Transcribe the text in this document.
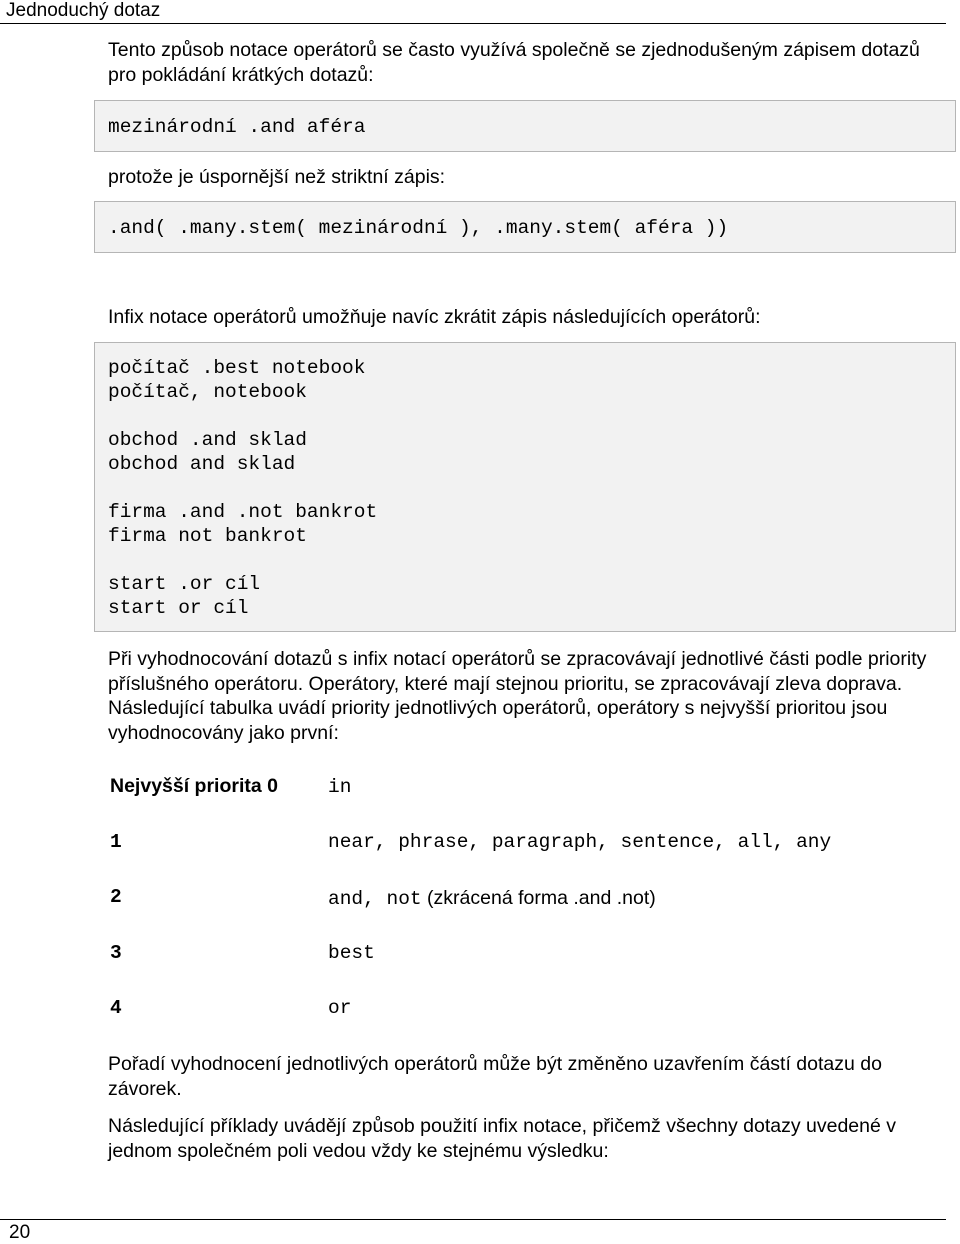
Jednoduchý dotaz
Tento způsob notace operátorů se často využívá společně se zjednodušeným zápisem dotazů pro pokládání krátkých dotazů:
mezinárodní .and aféra
protože je úspornější než striktní zápis:
.and( .many.stem( mezinárodní ), .many.stem( aféra ))
Infix notace operátorů umožňuje navíc zkrátit zápis následujících operátorů:
počítač .best notebook
počítač, notebook
obchod .and sklad
obchod and sklad
firma .and .not bankrot
firma not bankrot
start .or cíl
start or cíl
Při vyhodnocování dotazů s infix notací operátorů se zpracovávají jednotlivé části podle priority příslušného operátoru. Operátory, které mají stejnou prioritu, se zpracovávají zleva doprava. Následující tabulka uvádí priority jednotlivých operátorů, operátory s nejvyšší prioritou jsou vyhodnocovány jako první:
Nejvyšší priorita 0	in
1	near, phrase, paragraph, sentence, all, any
2	and, not (zkrácená forma .and .not)
3	best
4	or
Pořadí vyhodnocení jednotlivých operátorů může být změněno uzavřením částí dotazu do závorek.
Následující příklady uvádějí způsob použití infix notace, přičemž všechny dotazy uvedené v jednom společném poli vedou vždy ke stejnému výsledku:
20
